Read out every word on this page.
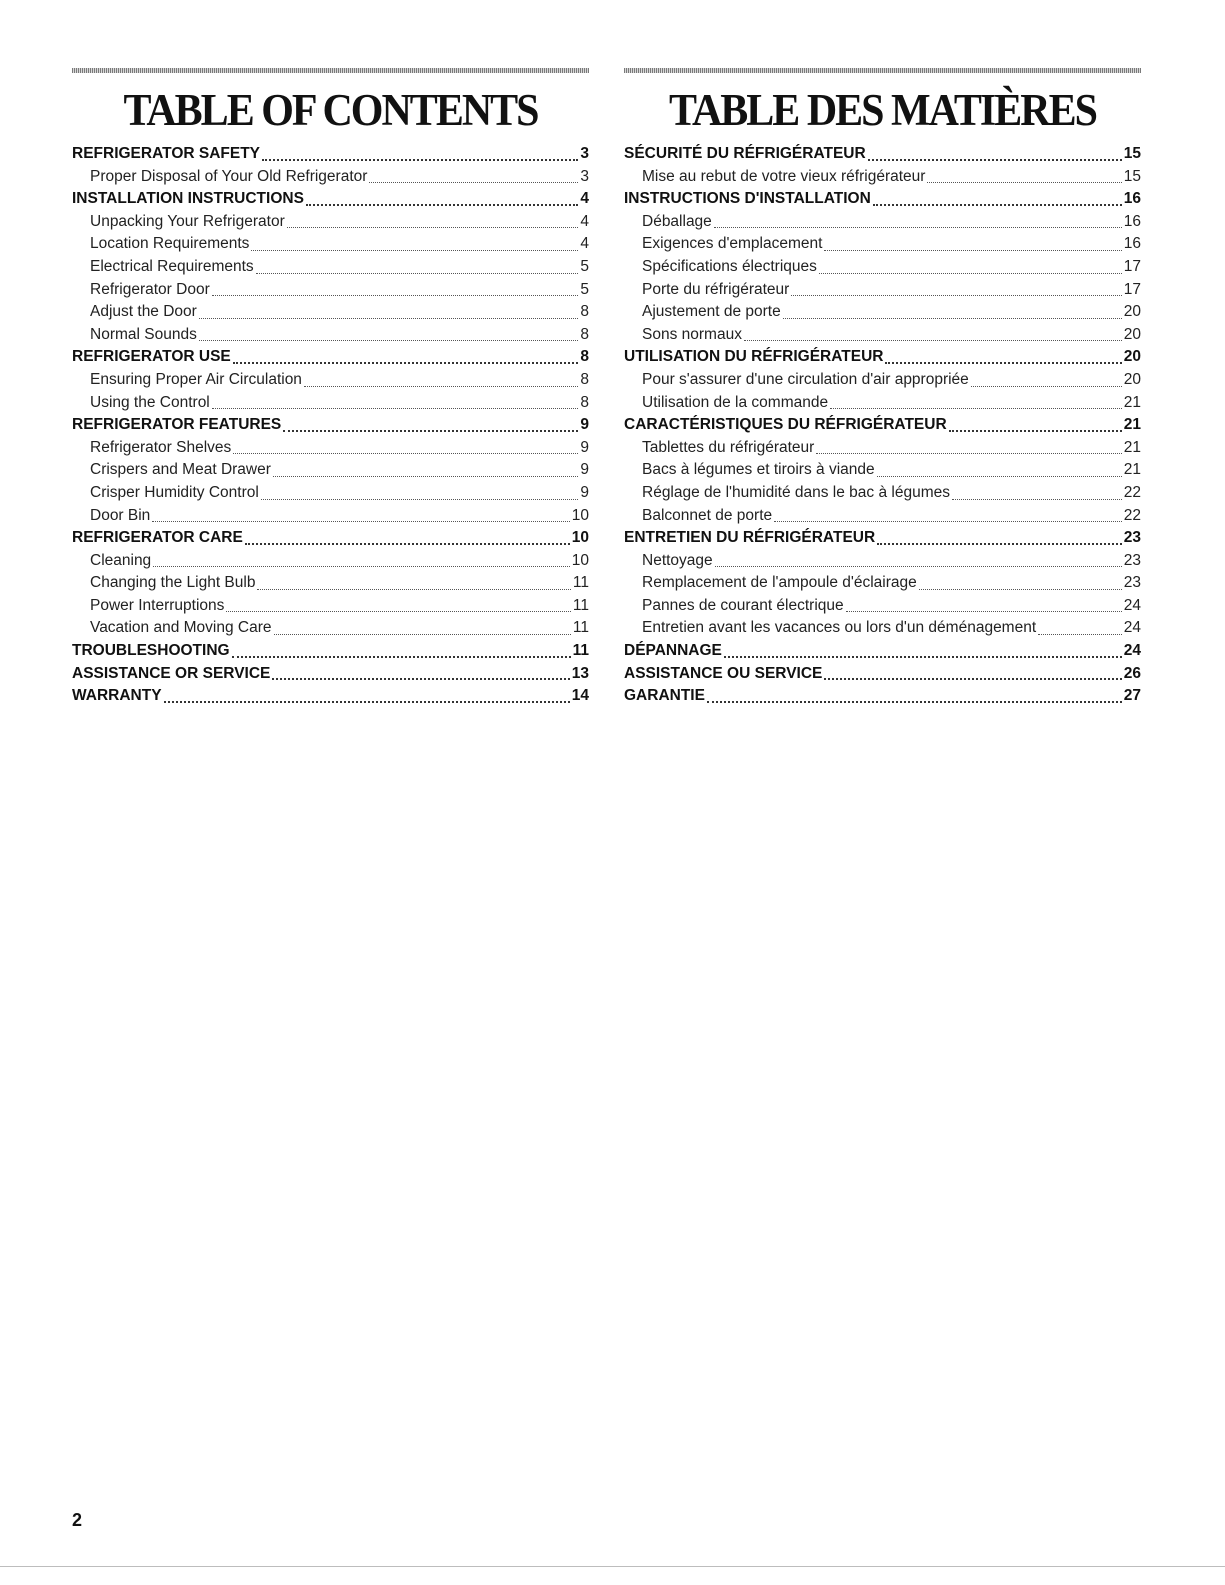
TABLE OF CONTENTS
REFRIGERATOR SAFETY	3
Proper Disposal of Your Old Refrigerator	3
INSTALLATION INSTRUCTIONS	4
Unpacking Your Refrigerator	4
Location Requirements	4
Electrical Requirements	5
Refrigerator Door	5
Adjust the Door	8
Normal Sounds	8
REFRIGERATOR USE	8
Ensuring Proper Air Circulation	8
Using the Control	8
REFRIGERATOR FEATURES	9
Refrigerator Shelves	9
Crispers and Meat Drawer	9
Crisper Humidity Control	9
Door Bin	10
REFRIGERATOR CARE	10
Cleaning	10
Changing the Light Bulb	11
Power Interruptions	11
Vacation and Moving Care	11
TROUBLESHOOTING	11
ASSISTANCE OR SERVICE	13
WARRANTY	14
TABLE DES MATIÈRES
SÉCURITÉ DU RÉFRIGÉRATEUR	15
Mise au rebut de votre vieux réfrigérateur	15
INSTRUCTIONS D'INSTALLATION	16
Déballage	16
Exigences d'emplacement	16
Spécifications électriques	17
Porte du réfrigérateur	17
Ajustement de porte	20
Sons normaux	20
UTILISATION DU RÉFRIGÉRATEUR	20
Pour s'assurer d'une circulation d'air appropriée	20
Utilisation de la commande	21
CARACTÉRISTIQUES DU RÉFRIGÉRATEUR	21
Tablettes du réfrigérateur	21
Bacs à légumes et tiroirs à viande	21
Réglage de l'humidité dans le bac à légumes	22
Balconnet de porte	22
ENTRETIEN DU RÉFRIGÉRATEUR	23
Nettoyage	23
Remplacement de l'ampoule d'éclairage	23
Pannes de courant électrique	24
Entretien avant les vacances ou lors d'un déménagement	24
DÉPANNAGE	24
ASSISTANCE OU SERVICE	26
GARANTIE	27
2
